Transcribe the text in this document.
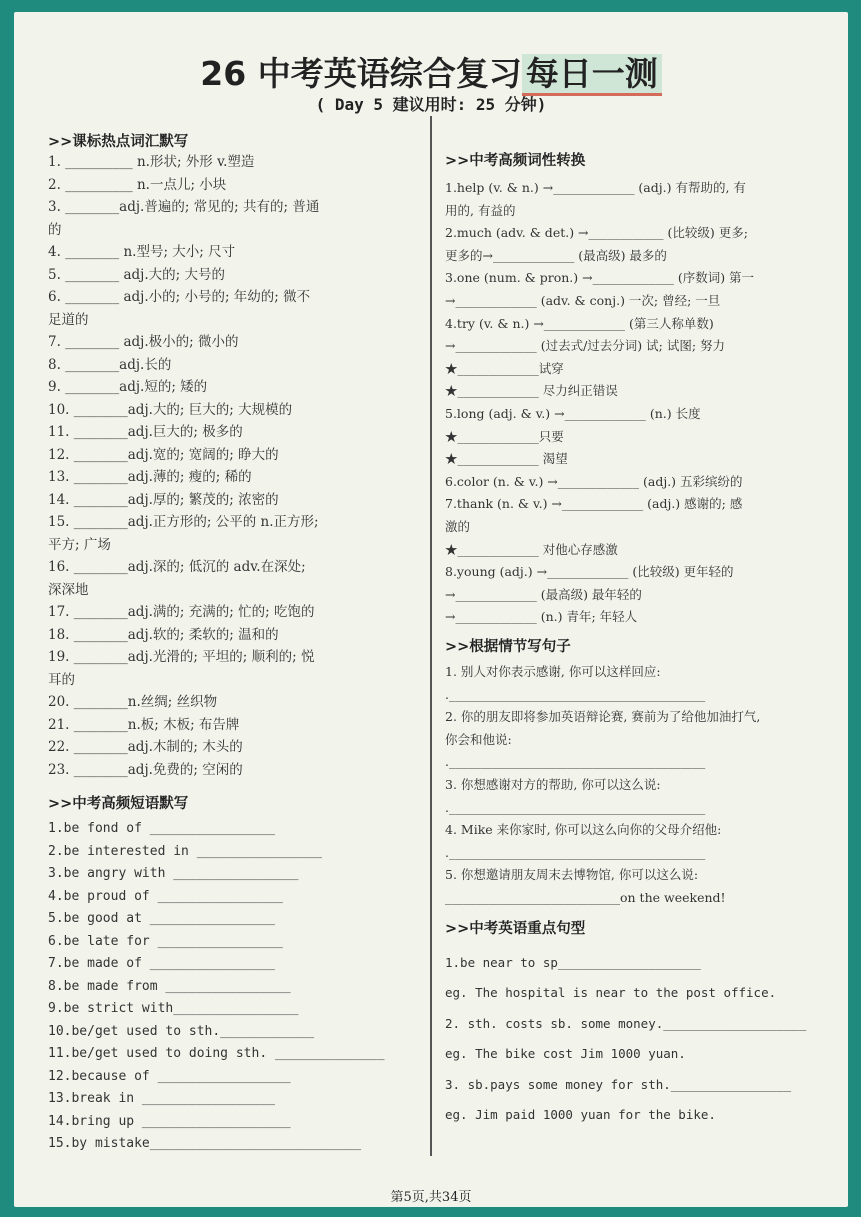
26 中考英语综合复习 每日一测
( Day 5 建议用时: 25 分钟)
>>课标热点词汇默写
1. __________ n.形状; 外形 v.塑造
2. __________ n.一点儿; 小块
3. ________adj.普遍的; 常见的; 共有的; 普通
的
4. ________ n.型号; 大小; 尺寸
5. ________ adj.大的; 大号的
6. ________ adj.小的; 小号的; 年幼的; 微不
足道的
7. ________ adj.极小的; 微小的
8. ________adj.长的
9. ________adj.短的; 矮的
10. ________adj.大的; 巨大的; 大规模的
11. ________adj.巨大的; 极多的
12. ________adj.宽的; 宽阔的; 睁大的
13. ________adj.薄的; 瘦的; 稀的
14. ________adj.厚的; 繁茂的; 浓密的
15. ________adj.正方形的; 公平的 n.正方形;
平方; 广场
16. ________adj.深的; 低沉的 adv.在深处;
深深地
17. ________adj.满的; 充满的; 忙的; 吃饱的
18. ________adj.软的; 柔软的; 温和的
19. ________adj.光滑的; 平坦的; 顺利的; 悦
耳的
20. ________n.丝绸; 丝织物
21. ________n.板; 木板; 布告牌
22. ________adj.木制的; 木头的
23. ________adj.免费的; 空闲的
>>中考高频短语默写
1.be fond of ________________
2.be interested in ________________
3.be angry with ________________
4.be proud of ________________
5.be good at ________________
6.be late for ________________
7.be made of ________________
8.be made from ________________
9.be strict with________________
10.be/get used to sth.____________
11.be/get used to doing sth. ______________
12.because of _________________
13.break in _________________
14.bring up ___________________
15.by mistake___________________________
>>中考高频词性转换
1.help (v. & n.) →_____________ (adj.) 有帮助的, 有
用的, 有益的
2.much (adv. & det.) →____________ (比较级) 更多;
更多的→_____________ (最高级) 最多的
3.one (num. & pron.) →_____________ (序数词) 第一
→_____________ (adv. & conj.) 一次; 曾经; 一旦
4.try (v. & n.) →_____________ (第三人称单数)
→_____________ (过去式/过去分词) 试; 试图; 努力
★_____________试穿
★_____________ 尽力纠正错误
5.long (adj. & v.) →_____________ (n.) 长度
★_____________只要
★_____________ 渴望
6.color (n. & v.) →_____________ (adj.) 五彩缤纷的
7.thank (n. & v.) →_____________ (adj.) 感谢的; 感
激的
★_____________ 对他心存感激
8.young (adj.) →_____________ (比较级) 更年轻的
→_____________ (最高级) 最年轻的
→_____________ (n.) 青年; 年轻人
>>根据情节写句子
1. 别人对你表示感谢, 你可以这样回应:
._________________________________________
2. 你的朋友即将参加英语辩论赛, 赛前为了给他加油打气,
你会和他说:
._________________________________________
3. 你想感谢对方的帮助, 你可以这么说:
._________________________________________
4. Mike 来你家时, 你可以这么向你的父母介绍他:
._________________________________________
5. 你想邀请朋友周末去博物馆, 你可以这么说:
____________________________on the weekend!
>>中考英语重点句型
1.be near to sp___________________
eg. The hospital is near to the post office.
2. sth. costs sb. some money.___________________
eg. The bike cost Jim 1000 yuan.
3. sb.pays some money for sth.________________
eg. Jim paid 1000 yuan for the bike.
第5页,共34页
